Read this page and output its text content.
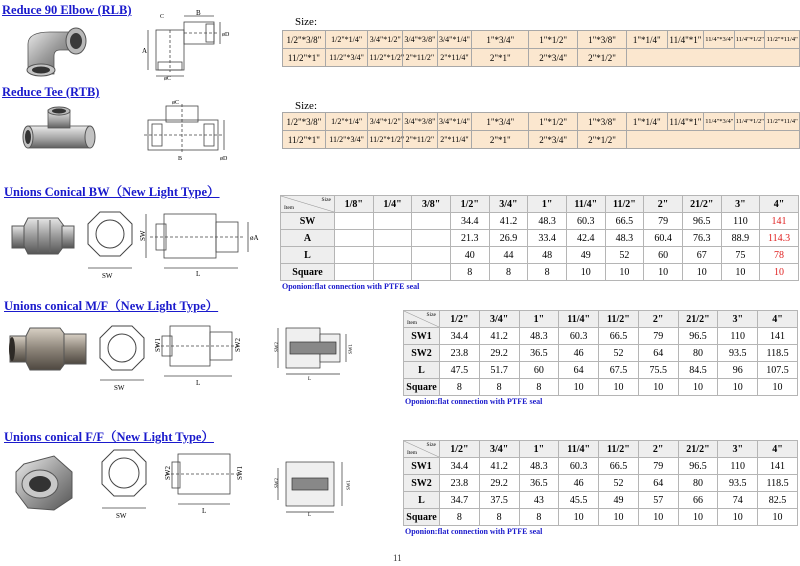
Reduce 90 Elbow (RLB)
A
B
C
øC
øD
Size:
1/2"*3/8"	1/2"*1/4"	3/4"*1/2"	3/4"*3/8"	3/4"*1/4"	1"*3/4"	1"*1/2"	1"*3/8"	1"*1/4"	11/4"*1"	11/4"*3/4"	11/4"*1/2"	11/2"*11/4"
11/2"*1"	11/2"*3/4"	11/2"*1/2"	2"*11/2"	2"*11/4"	2"*1"	2"*3/4"	2"*1/2"					
Reduce Tee (RTB)
øC
øD
B
Size:
1/2"*3/8"	1/2"*1/4"	3/4"*1/2"	3/4"*3/8"	3/4"*1/4"	1"*3/4"	1"*1/2"	1"*3/8"	1"*1/4"	11/4"*1"	11/4"*3/4"	11/4"*1/2"	11/2"*11/4"
11/2"*1"	11/2"*3/4"	11/2"*1/2"	2"*11/2"	2"*11/4"	2"*1"	2"*3/4"	2"*1/2"					
Unions Conical BW（New Light Type）
SW
SW	øA
L
Size
Item	1/8"	1/4"	3/8"	1/2"	3/4"	1"	11/4"	11/2"	2"	21/2"	3"	4"
SW				34.4	41.2	48.3	60.3	66.5	79	96.5	110	141
A				21.3	26.9	33.4	42.4	48.3	60.4	76.3	88.9	114.3
L				40	44	48	49	52	60	67	75	78
Square				8	8	8	10	10	10	10	10	10
Oponion:flat connection with PTFE seal
Unions conical M/F（New Light Type）
SW
SW1	SW2
L
SW2	SW1
L
Size
Item	1/2"	3/4"	1"	11/4"	11/2"	2"	21/2"	3"	4"
SW1	34.4	41.2	48.3	60.3	66.5	79	96.5	110	141
SW2	23.8	29.2	36.5	46	52	64	80	93.5	118.5
L	47.5	51.7	60	64	67.5	75.5	84.5	96	107.5
Square	8	8	8	10	10	10	10	10	10
Oponion:flat connection with PTFE seal
Unions conical F/F（New Light Type）
SW
SW2	SW1
L
SW2	SW1
L
Size
Item	1/2"	3/4"	1"	11/4"	11/2"	2"	21/2"	3"	4"
SW1	34.4	41.2	48.3	60.3	66.5	79	96.5	110	141
SW2	23.8	29.2	36.5	46	52	64	80	93.5	118.5
L	34.7	37.5	43	45.5	49	57	66	74	82.5
Square	8	8	8	10	10	10	10	10	10
Oponion:flat connection with PTFE seal
11
